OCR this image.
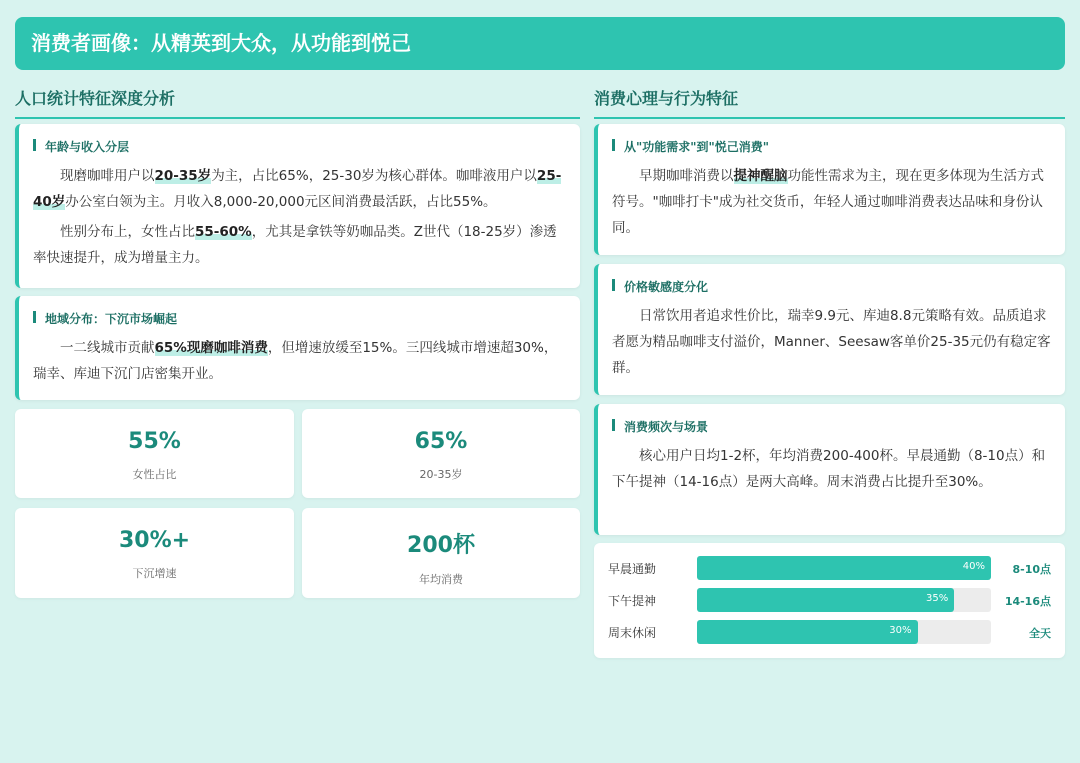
消费者画像：从精英到大众，从功能到悦己
人口统计特征深度分析
年龄与收入分层

现磨咖啡用户以20-35岁为主，占比65%，25-30岁为核心群体。咖啡液用户以25-40岁办公室白领为主。月收入8,000-20,000元区间消费最活跃，占比55%。

性别分布上，女性占比55-60%，尤其是拿铁等奶咖品类。Z世代（18-25岁）渗透率快速提升，成为增量主力。

地域分布：下沉市场崛起

一二线城市贡献65%现磨咖啡消费，但增速放缓至15%。三四线城市增速超30%，瑞幸、库迪下沉门店密集开业。

55%
女性占比
65%
20-35岁
30%+
下沉增速
200杯
年均消费
消费心理与行为特征
从"功能需求"到"悦己消费"

早期咖啡消费以提神醒脑功能性需求为主，现在更多体现为生活方式符号。"咖啡打卡"成为社交货币，年轻人通过咖啡消费表达品味和身份认同。

价格敏感度分化

日常饮用者追求性价比，瑞幸9.9元、库迪8.8元策略有效。品质追求者愿为精品咖啡支付溢价，Manner、Seesaw客单价25-35元仍有稳定客群。

消费频次与场景

核心用户日均1-2杯，年均消费200-400杯。早晨通勤（8-10点）和下午提神（14-16点）是两大高峰。周末消费占比提升至30%。

早晨通勤	40% 8-10点
下午提神	35%	14-16点
周末休闲	30%	全天
